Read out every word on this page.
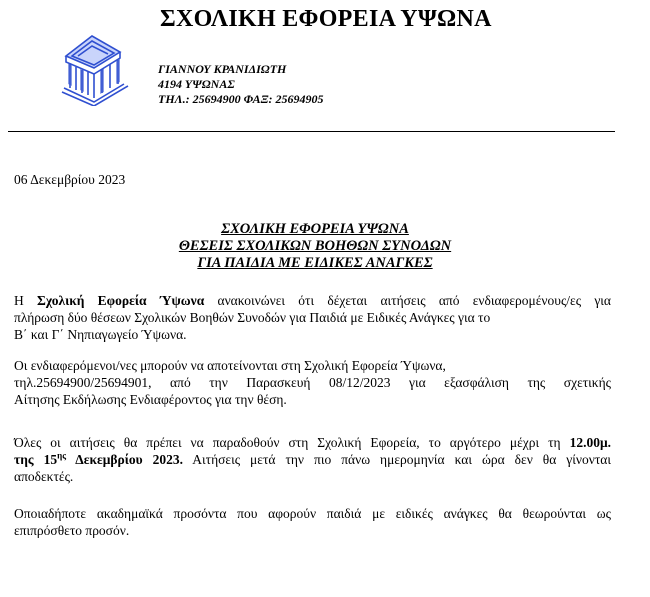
ΣΧΟΛΙΚΗ ΕΦΟΡΕΙΑ ΥΨΩΝΑ
ΓΙΑΝΝΟΥ ΚΡΑΝΙΔΙΩΤΗ
4194 ΥΨΩΝΑΣ
ΤΗΛ.: 25694900 ΦΑΞ: 25694905
06 Δεκεμβρίου 2023
ΣΧΟΛΙΚΗ ΕΦΟΡΕΙΑ ΥΨΩΝΑ
ΘΕΣΕΙΣ ΣΧΟΛΙΚΩΝ ΒΟΗΘΩΝ ΣΥΝΟΔΩΝ
ΓΙΑ ΠΑΙΔΙΑ ΜΕ ΕΙΔΙΚΕΣ ΑΝΑΓΚΕΣ
Η Σχολική Εφορεία Ύψωνα ανακοινώνει ότι δέχεται αιτήσεις από ενδιαφερομένους/ες για
πλήρωση δύο θέσεων Σχολικών Βοηθών Συνοδών για Παιδιά με Ειδικές Ανάγκες για το
Β΄ και Γ΄ Νηπιαγωγείο Ύψωνα.
Οι ενδιαφερόμενοι/νες μπορούν να αποτείνονται στη Σχολική Εφορεία Ύψωνα,
τηλ.25694900/25694901, από την Παρασκευή 08/12/2023 για εξασφάλιση της σχετικής
Αίτησης Εκδήλωσης Ενδιαφέροντος για την θέση.
Όλες οι αιτήσεις θα πρέπει να παραδοθούν στη Σχολική Εφορεία, το αργότερο μέχρι τη 12.00μ.
της $15^{\eta\varsigma}$ Δεκεμβρίου 2023. Αιτήσεις μετά την πιο πάνω ημερομηνία και ώρα δεν θα γίνονται
αποδεκτές.
Οποιαδήποτε ακαδημαϊκά προσόντα που αφορούν παιδιά με ειδικές ανάγκες θα θεωρούνται ως
επιπρόσθετο προσόν.
